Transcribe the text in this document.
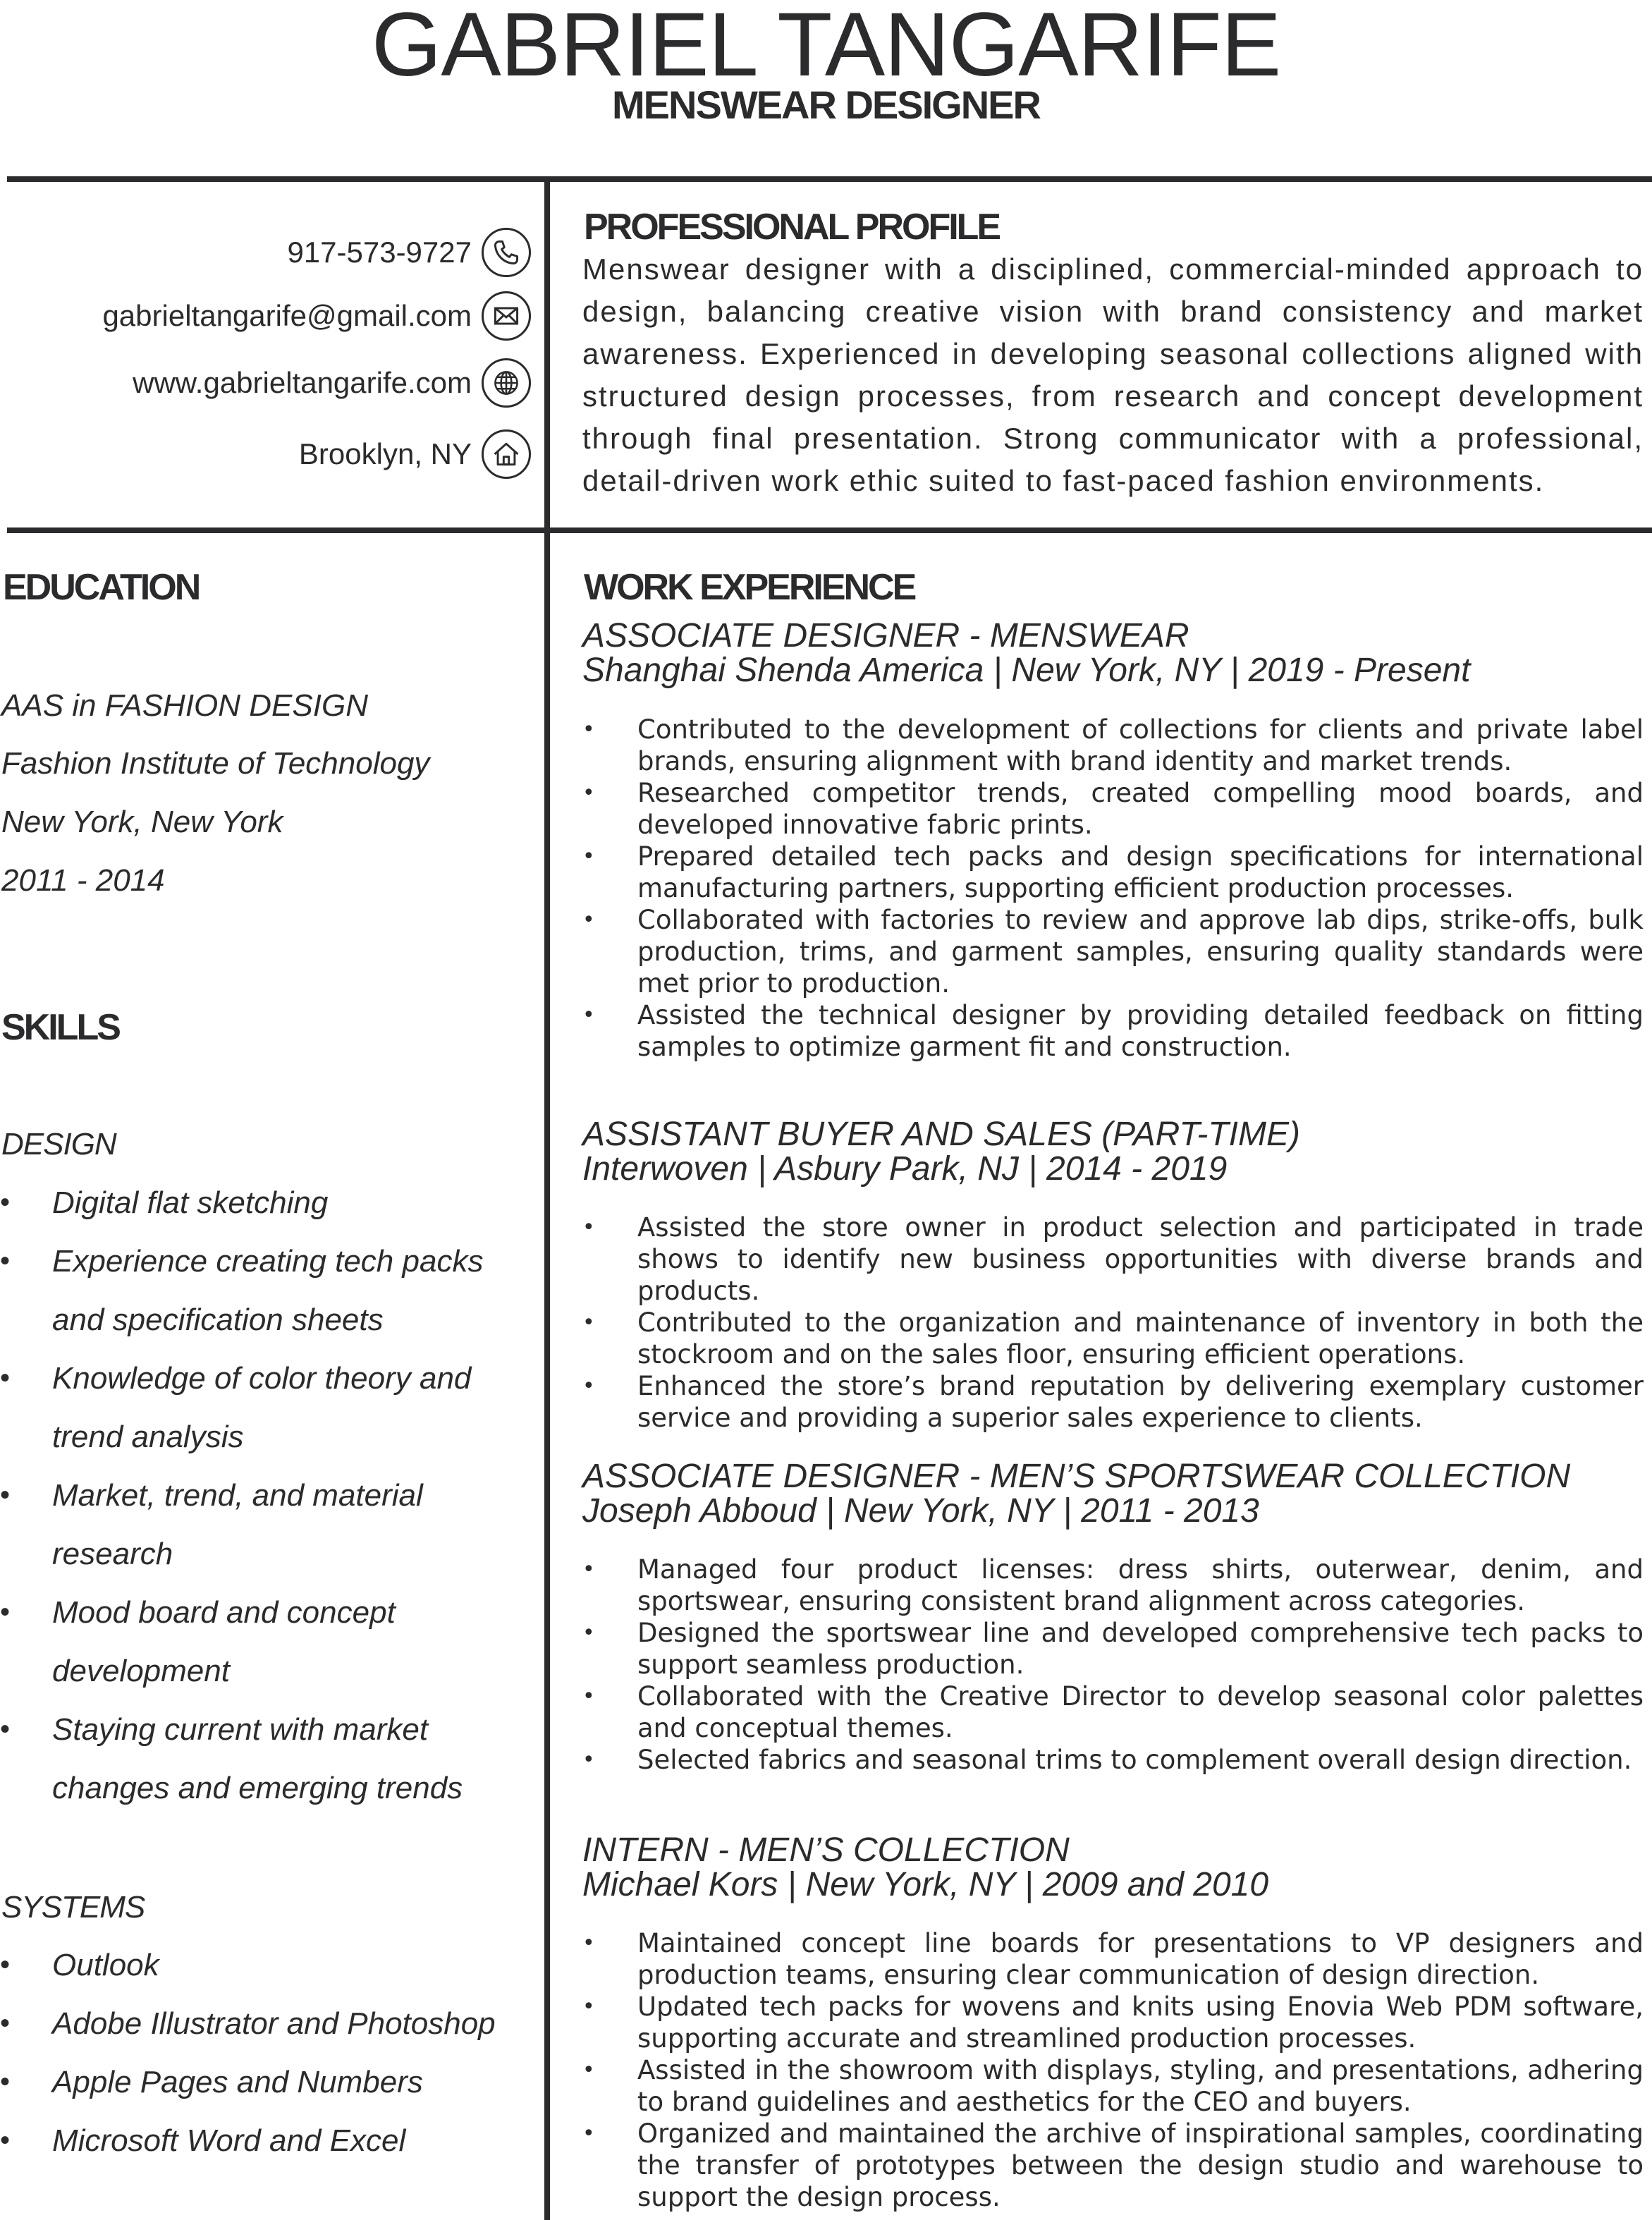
GABRIEL TANGARIFE
MENSWEAR DESIGNER
917-573-9727
gabrieltangarife@gmail.com
www.gabrieltangarife.com
Brooklyn, NY
PROFESSIONAL PROFILE
Menswear designer with a disciplined, commercial-minded approach to design, balancing creative vision with brand consistency and market awareness. Experienced in developing seasonal collections aligned with structured design processes, from research and concept development through final presentation. Strong communicator with a professional, detail-driven work ethic suited to fast-paced fashion environments.
EDUCATION
AAS in FASHION DESIGN
Fashion Institute of Technology
New York, New York
2011 - 2014
SKILLS
DESIGN
•	Digital flat sketching
•	Experience creating tech packs and specification sheets
•	Knowledge of color theory and trend analysis
•	Market, trend, and material research
•	Mood board and concept development
•	Staying current with market changes and emerging trends
SYSTEMS
•	Outlook
•	Adobe Illustrator and Photoshop
•	Apple Pages and Numbers
•	Microsoft Word and Excel
WORK EXPERIENCE
ASSOCIATE DESIGNER - MENSWEAR
Shanghai Shenda America | New York, NY | 2019 - Present
• Contributed to the development of collections for clients and private label brands, ensuring alignment with brand identity and market trends.
• Researched competitor trends, created compelling mood boards, and developed innovative fabric prints.
• Prepared detailed tech packs and design specifications for international manufacturing partners, supporting efficient production processes.
• Collaborated with factories to review and approve lab dips, strike-offs, bulk production, trims, and garment samples, ensuring quality standards were met prior to production.
• Assisted the technical designer by providing detailed feedback on fitting samples to optimize garment fit and construction.
ASSISTANT BUYER AND SALES (PART-TIME)
Interwoven | Asbury Park, NJ | 2014 - 2019
• Assisted the store owner in product selection and participated in trade shows to identify new business opportunities with diverse brands and products.
• Contributed to the organization and maintenance of inventory in both the stockroom and on the sales floor, ensuring efficient operations.
• Enhanced the store’s brand reputation by delivering exemplary customer service and providing a superior sales experience to clients.
ASSOCIATE DESIGNER - MEN’S SPORTSWEAR COLLECTION
Joseph Abboud | New York, NY | 2011 - 2013
• Managed four product licenses: dress shirts, outerwear, denim, and sportswear, ensuring consistent brand alignment across categories.
• Designed the sportswear line and developed comprehensive tech packs to support seamless production.
• Collaborated with the Creative Director to develop seasonal color palettes and conceptual themes.
• Selected fabrics and seasonal trims to complement overall design direction.
INTERN - MEN’S COLLECTION
Michael Kors | New York, NY | 2009 and 2010
• Maintained concept line boards for presentations to VP designers and production teams, ensuring clear communication of design direction.
• Updated tech packs for wovens and knits using Enovia Web PDM software, supporting accurate and streamlined production processes.
• Assisted in the showroom with displays, styling, and presentations, adhering to brand guidelines and aesthetics for the CEO and buyers.
• Organized and maintained the archive of inspirational samples, coordinating the transfer of prototypes between the design studio and warehouse to support the design process.
